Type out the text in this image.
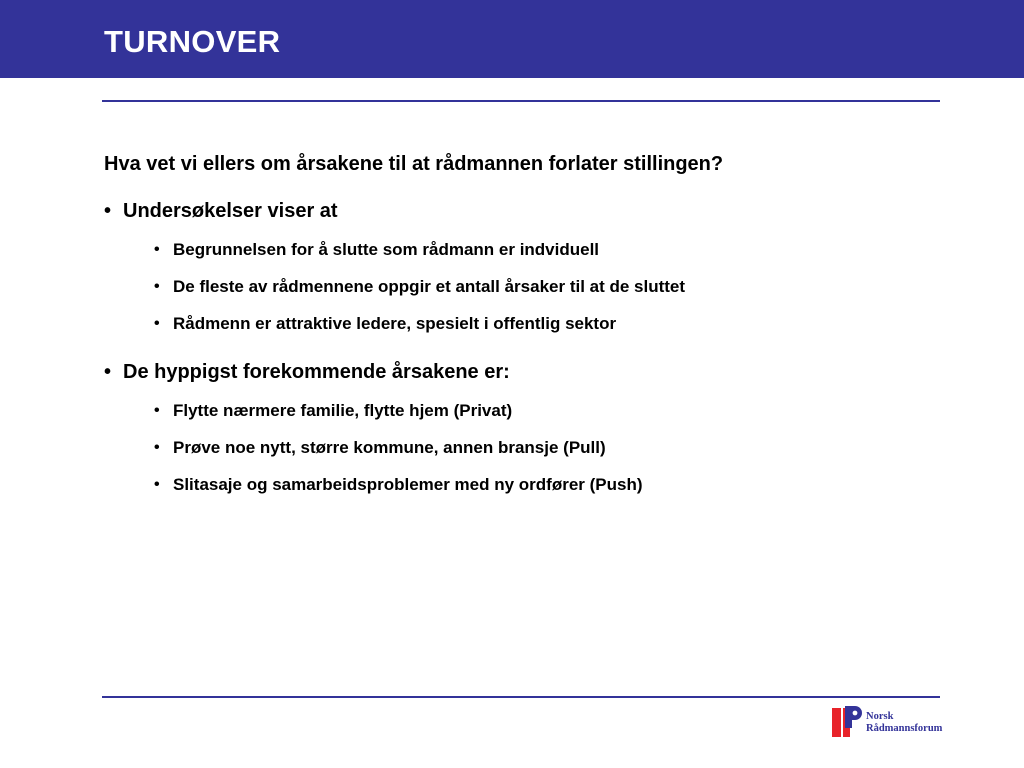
TURNOVER

Hva vet vi ellers om årsakene til at rådmannen forlater stillingen?

• Undersøkelser viser at
• Begrunnelsen for å slutte som rådmann er indviduell
• De fleste av rådmennene oppgir et antall årsaker til at de sluttet
• Rådmenn er attraktive ledere, spesielt i offentlig sektor
• De hyppigst forekommende årsakene er:
• Flytte nærmere familie, flytte hjem (Privat)
• Prøve noe nytt, større kommune, annen bransje (Pull)
• Slitasaje og samarbeidsproblemer med ny ordfører (Push)
Norsk
Rådmannsforum
